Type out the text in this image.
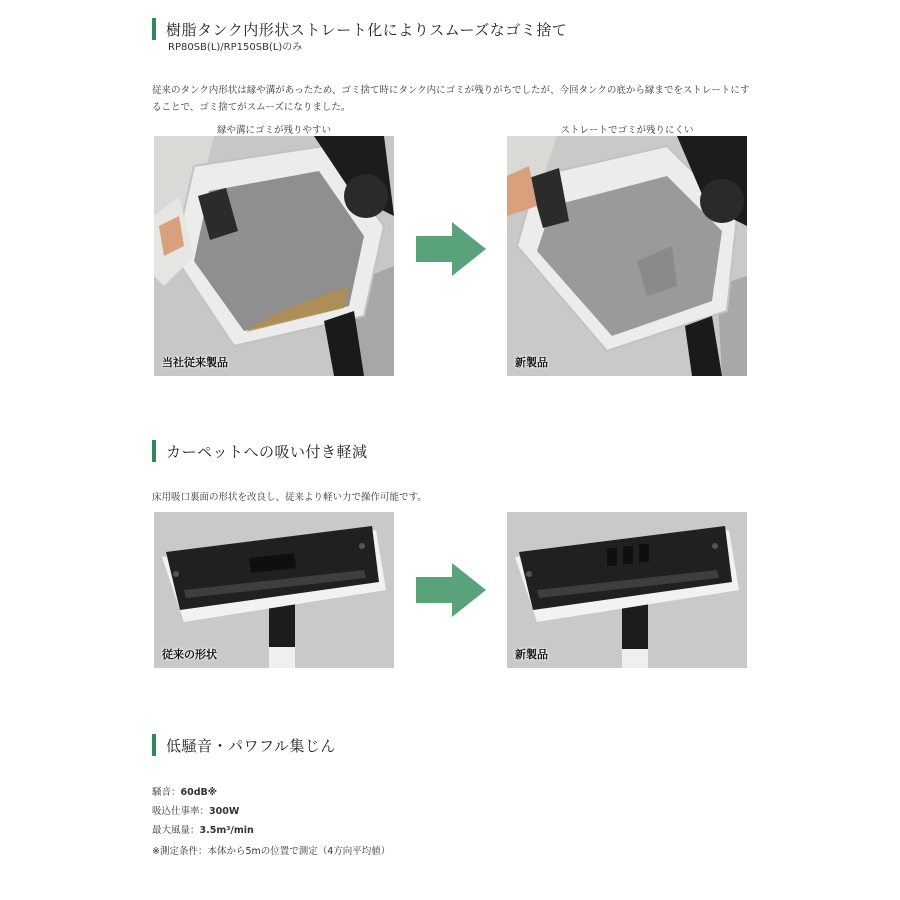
樹脂タンク内形状ストレート化によりスムーズなゴミ捨て
RP80SB(L)/RP150SB(L)のみ
従来のタンク内形状は縁や溝があったため、ゴミ捨て時にタンク内にゴミが残りがちでしたが、今回タンクの底から縁までをストレートにすることで、ゴミ捨てがスムーズになりました。
縁や溝にゴミが残りやすい	ストレートでゴミが残りにくい
当社従来製品	新製品
カーペットへの吸い付き軽減
床用吸口裏面の形状を改良し、従来より軽い力で操作可能です。
従来の形状	新製品
低騒音・パワフル集じん
騒音：60dB※
吸込仕事率：300W
最大風量：3.5m³/min
※測定条件：本体から5mの位置で測定（4方向平均値）
